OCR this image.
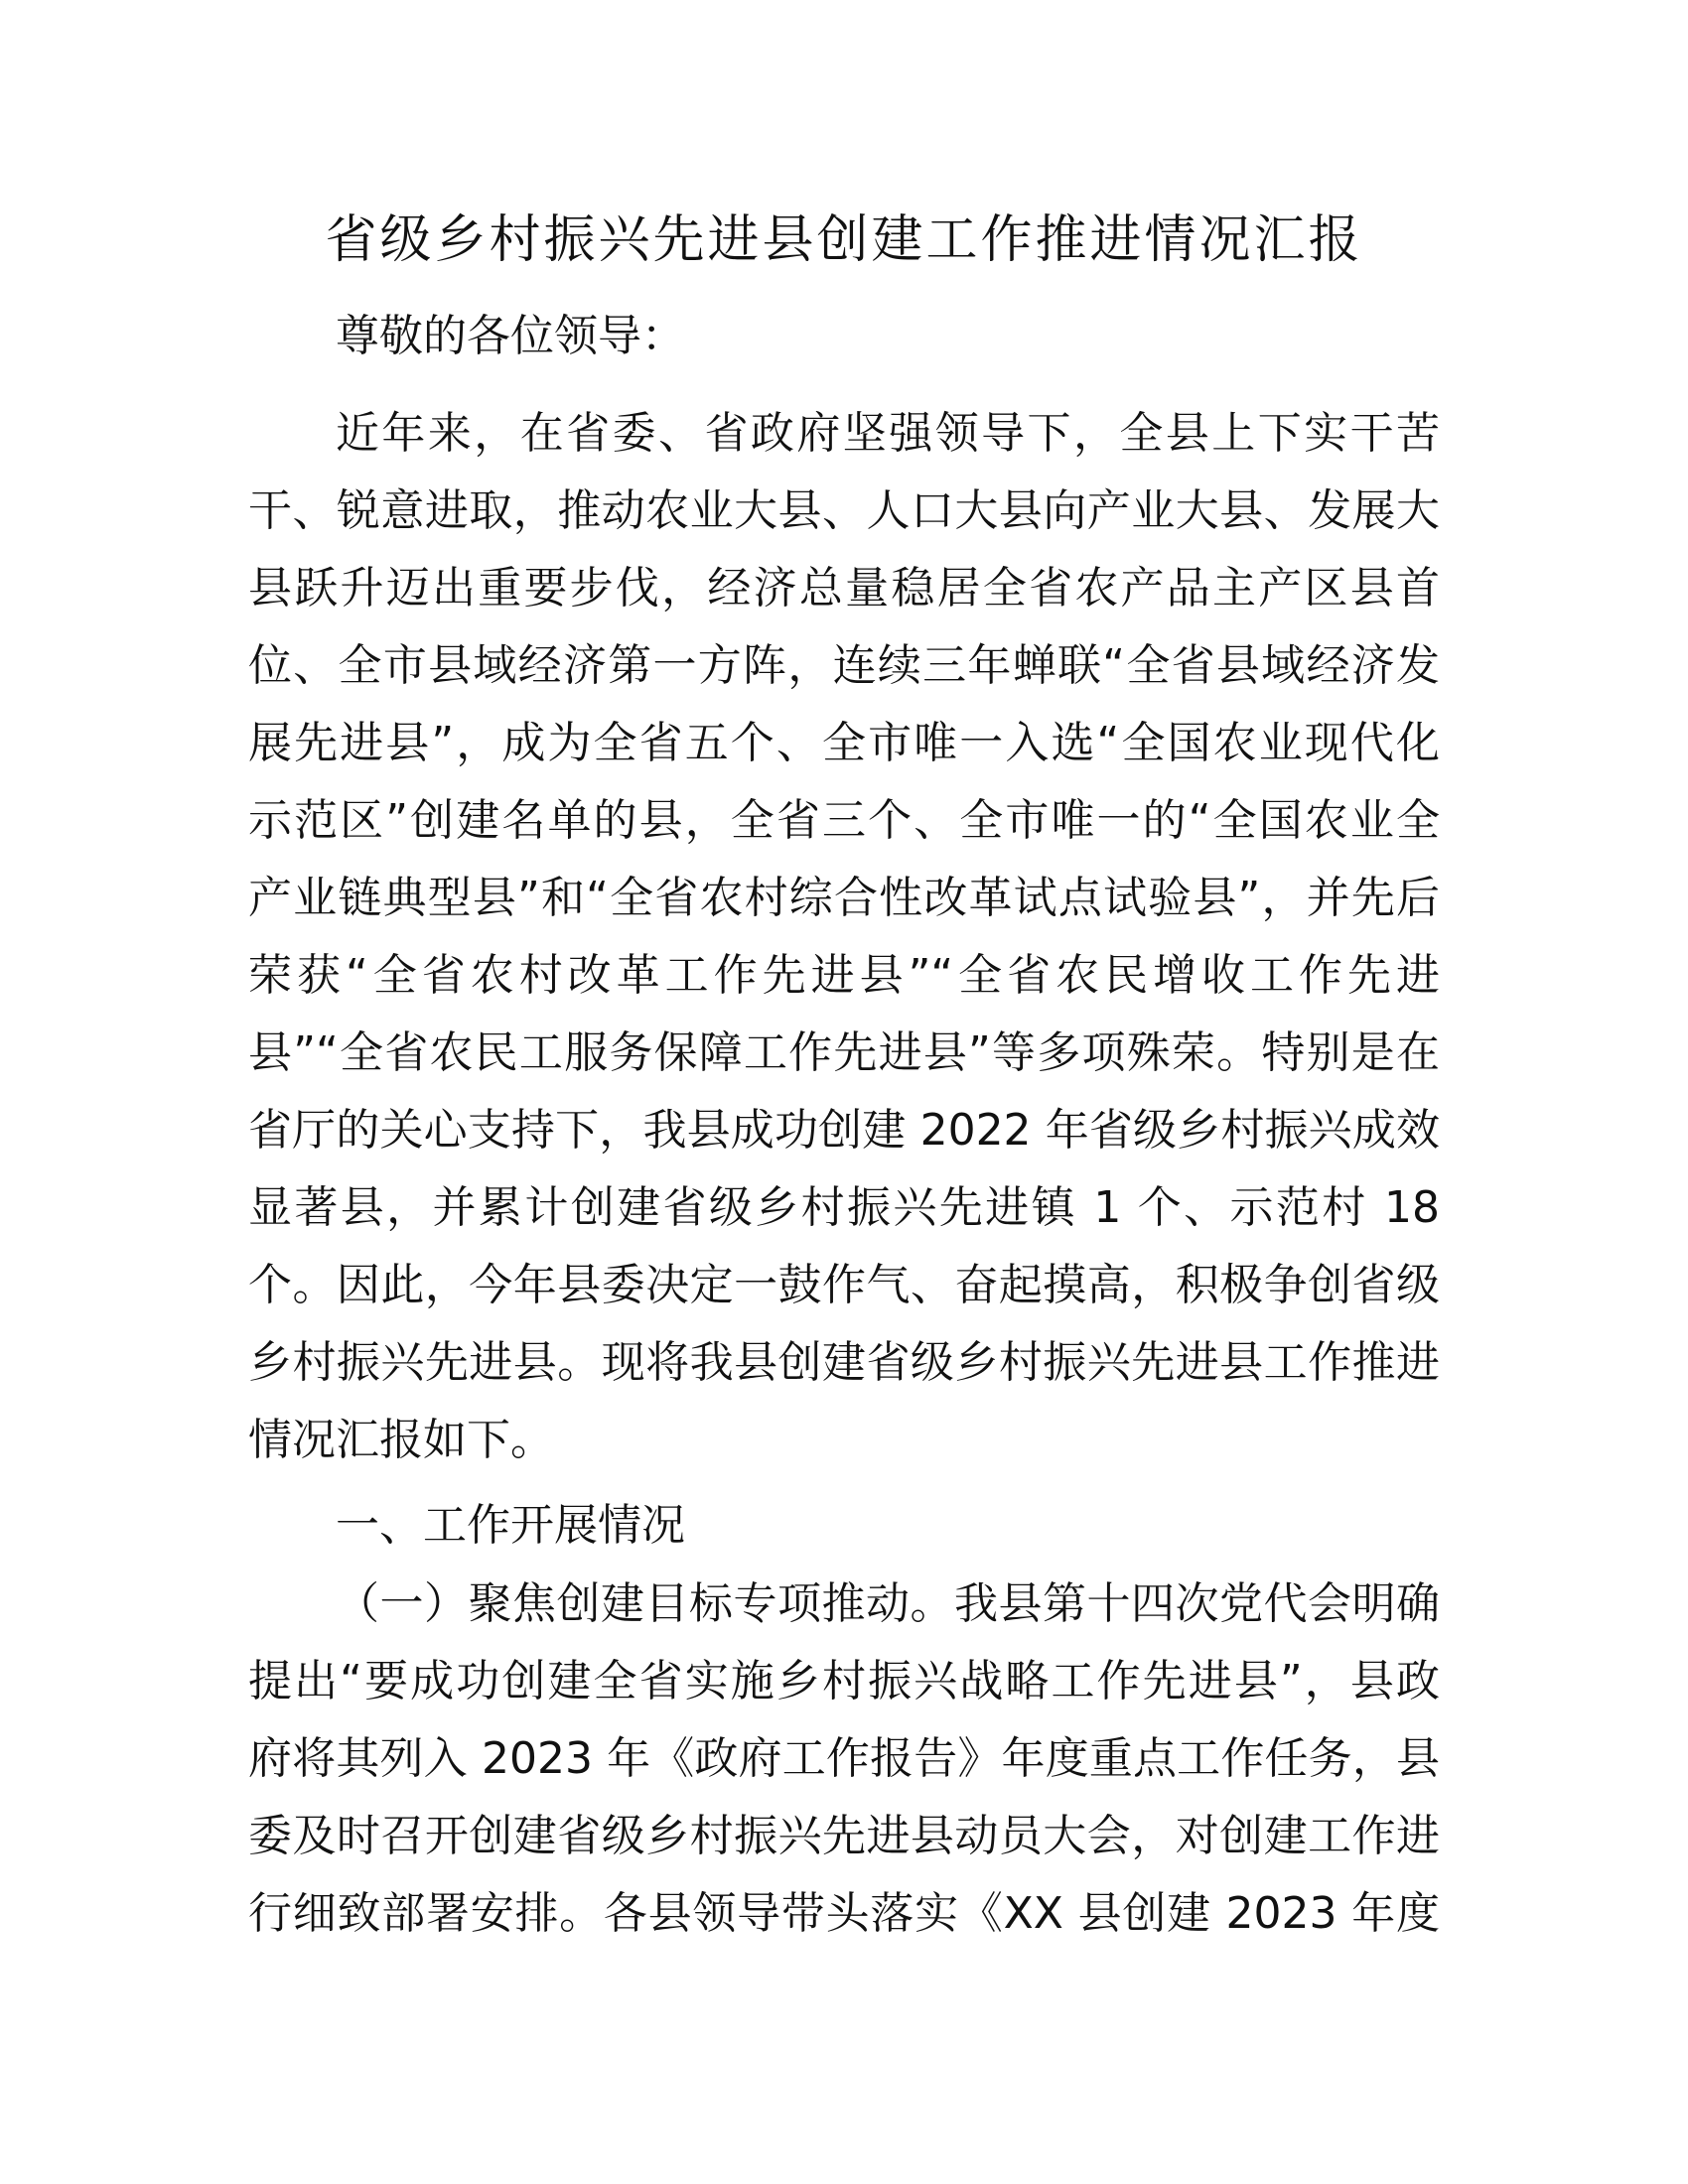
省级乡村振兴先进县创建工作推进情况汇报

尊敬的各位领导：

近年来，在省委、省政府坚强领导下，全县上下实干苦
干、锐意进取，推动农业大县、人口大县向产业大县、发展大
县跃升迈出重要步伐，经济总量稳居全省农产品主产区县首
位、全市县域经济第一方阵，连续三年蝉联“全省县域经济发
展先进县”，成为全省五个、全市唯一入选“全国农业现代化
示范区”创建名单的县，全省三个、全市唯一的“全国农业全
产业链典型县”和“全省农村综合性改革试点试验县”，并先后
荣获“全省农村改革工作先进县”“全省农民增收工作先进
县”“全省农民工服务保障工作先进县”等多项殊荣。特别是在
省厅的关心支持下，我县成功创建 2022 年省级乡村振兴成效
显著县，并累计创建省级乡村振兴先进镇 1 个、示范村 18
个。因此，今年县委决定一鼓作气、奋起摸高，积极争创省级
乡村振兴先进县。现将我县创建省级乡村振兴先进县工作推进
情况汇报如下。

一、工作开展情况

（一）聚焦创建目标专项推动。我县第十四次党代会明确
提出“要成功创建全省实施乡村振兴战略工作先进县”，县政
府将其列入 2023 年《政府工作报告》年度重点工作任务，县
委及时召开创建省级乡村振兴先进县动员大会，对创建工作进
行细致部署安排。各县领导带头落实《XX 县创建 2023 年度
